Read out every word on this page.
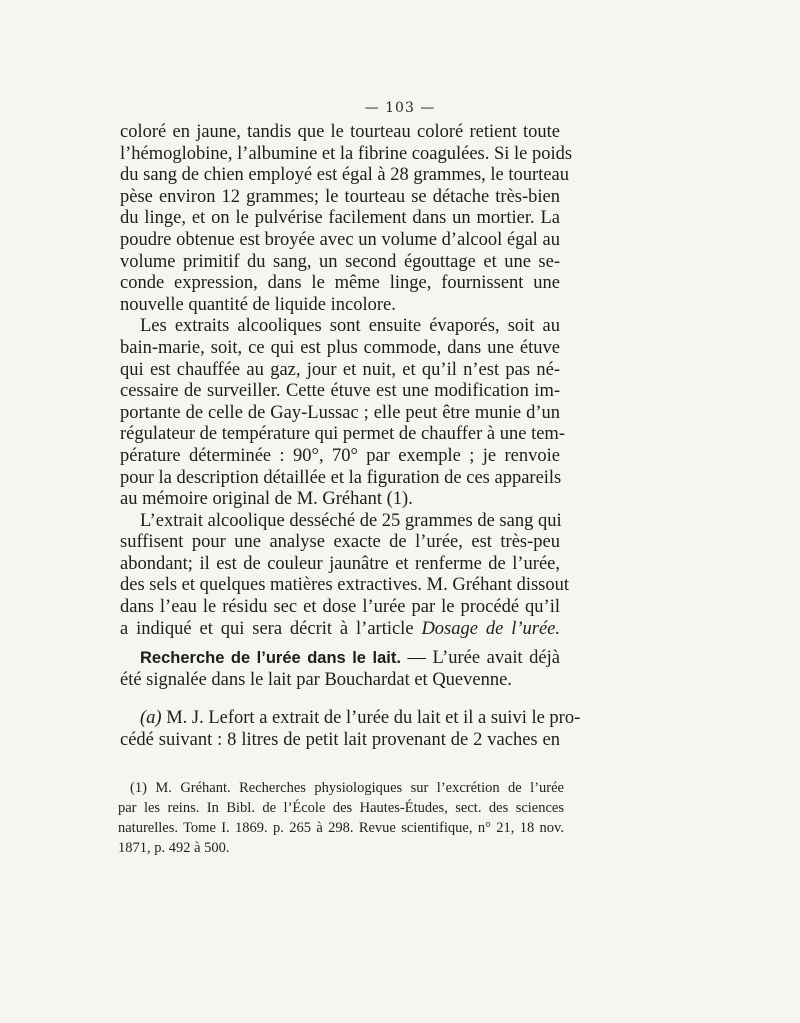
— 103 —
coloré en jaune, tandis que le tourteau coloré retient toute
l’hémoglobine, l’albumine et la fibrine coagulées. Si le poids
du sang de chien employé est égal à 28 grammes, le tourteau
pèse environ 12 grammes; le tourteau se détache très-bien
du linge, et on le pulvérise facilement dans un mortier. La
poudre obtenue est broyée avec un volume d’alcool égal au
volume primitif du sang, un second égouttage et une se-
conde expression, dans le même linge, fournissent une
nouvelle quantité de liquide incolore.
Les extraits alcooliques sont ensuite évaporés, soit au
bain-marie, soit, ce qui est plus commode, dans une étuve
qui est chauffée au gaz, jour et nuit, et qu’il n’est pas né-
cessaire de surveiller. Cette étuve est une modification im-
portante de celle de Gay-Lussac ; elle peut être munie d’un
régulateur de température qui permet de chauffer à une tem-
pérature déterminée : 90°, 70° par exemple ; je renvoie
pour la description détaillée et la figuration de ces appareils
au mémoire original de M. Gréhant (1).
L’extrait alcoolique desséché de 25 grammes de sang qui
suffisent pour une analyse exacte de l’urée, est très-peu
abondant; il est de couleur jaunâtre et renferme de l’urée,
des sels et quelques matières extractives. M. Gréhant dissout
dans l’eau le résidu sec et dose l’urée par le procédé qu’il
a indiqué et qui sera décrit à l’article Dosage de l’urée.
Recherche de l’urée dans le lait. — L’urée avait déjà
été signalée dans le lait par Bouchardat et Quevenne.
(a) M. J. Lefort a extrait de l’urée du lait et il a suivi le pro-
cédé suivant : 8 litres de petit lait provenant de 2 vaches en
(1) M. Gréhant. Recherches physiologiques sur l’excrétion de l’urée
par les reins. In Bibl. de l’École des Hautes-Études, sect. des sciences
naturelles. Tome I. 1869. p. 265 à 298. Revue scientifique, n° 21, 18 nov.
1871, p. 492 à 500.
